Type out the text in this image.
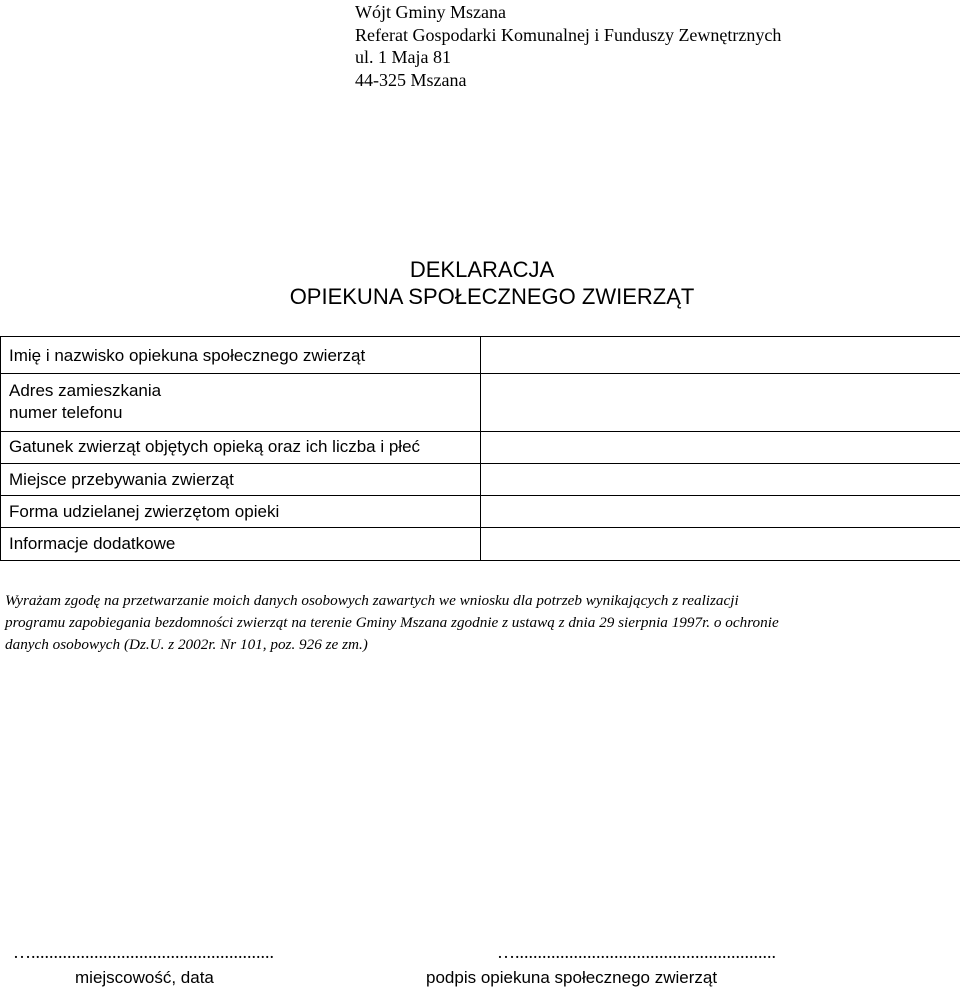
Wójt Gminy Mszana
Referat Gospodarki Komunalnej i Funduszy Zewnętrznych
ul. 1 Maja 81
44-325 Mszana
DEKLARACJA
OPIEKUNA SPOŁECZNEGO ZWIERZĄT
Imię i nazwisko opiekuna społecznego zwierząt	

Adres zamieszkania
numer telefonu	

Gatunek zwierząt objętych opieką oraz ich liczba i płeć	

Miejsce przebywania zwierząt	

Forma udzielanej zwierzętom opieki	

Informacje dodatkowe	

Wyrażam zgodę na przetwarzanie moich danych osobowych zawartych we wniosku dla potrzeb wynikających z realizacji
programu zapobiegania bezdomności zwierząt na terenie Gminy Mszana zgodnie z ustawą z dnia 29 sierpnia 1997r. o ochronie
danych osobowych (Dz.U. z 2002r. Nr 101, poz. 926 ze zm.)
…......................................................	…..........................................................
miejscowość, data	podpis opiekuna społecznego zwierząt
